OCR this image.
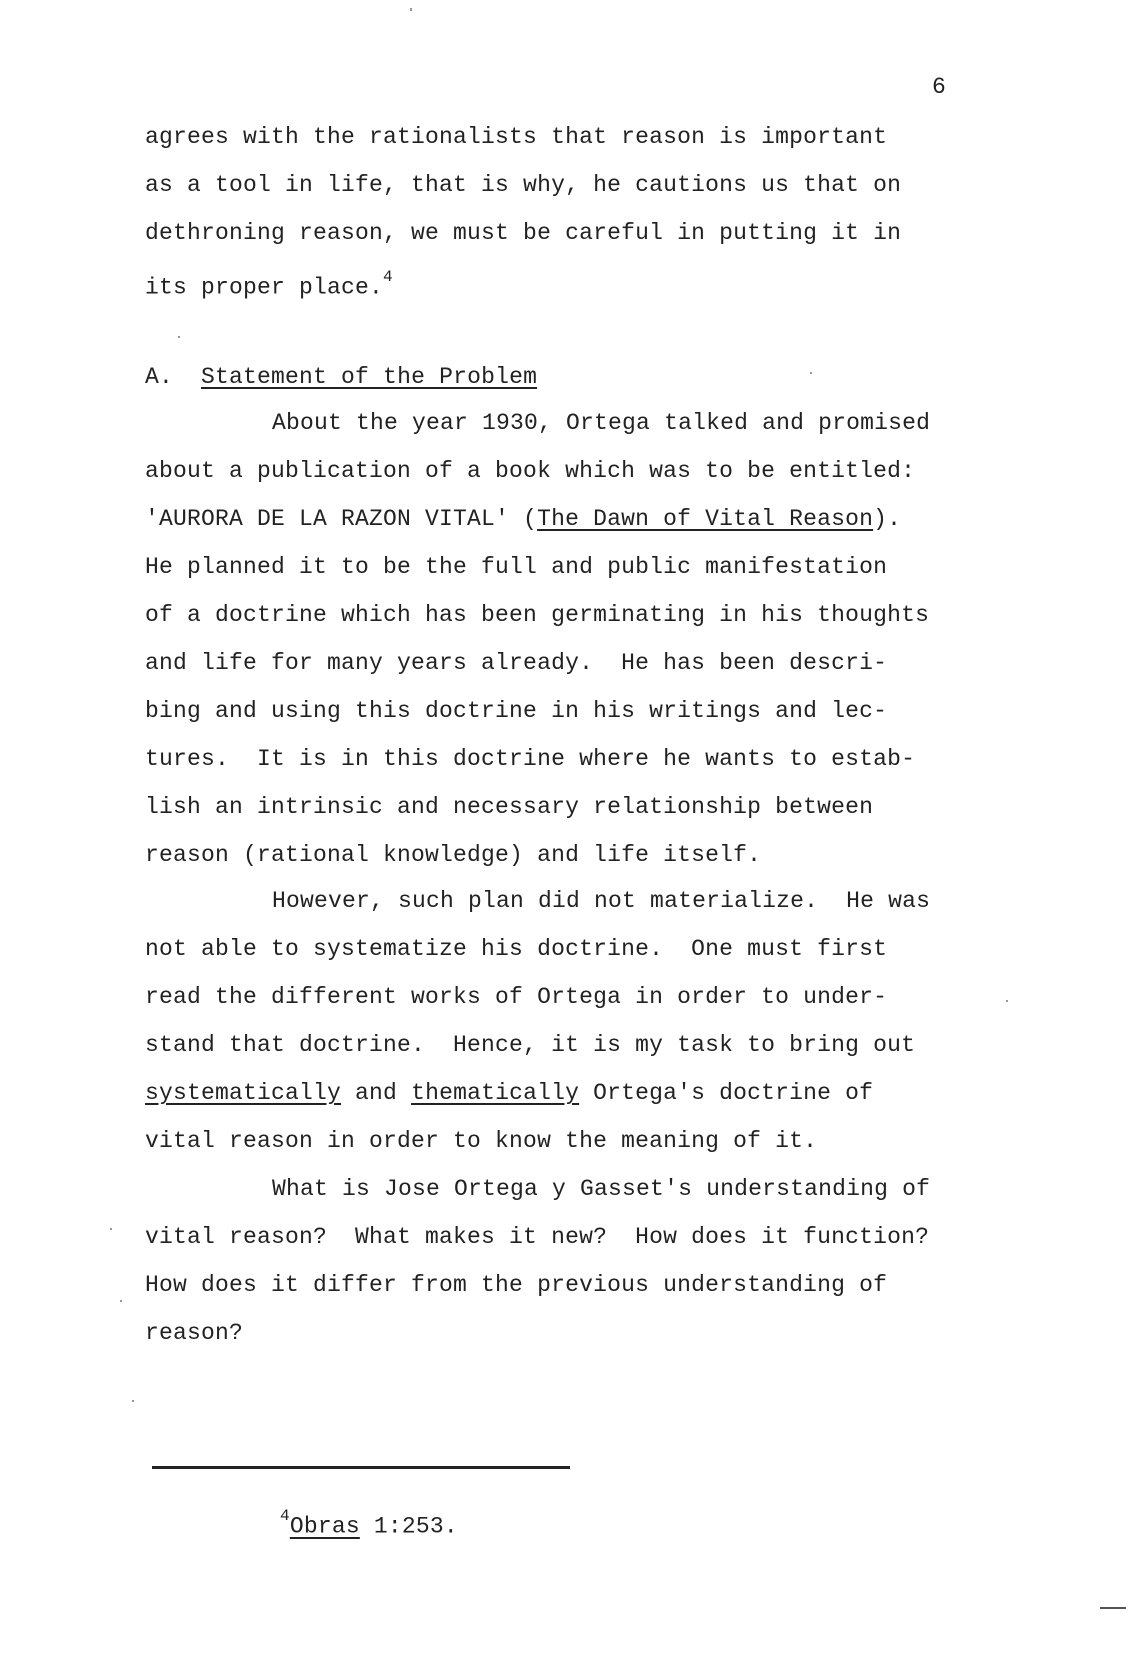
6
agrees with the rationalists that reason is important
as a tool in life, that is why, he cautions us that on
dethroning reason, we must be careful in putting it in
its proper place.$^4$
A. Statement of the Problem
About the year 1930, Ortega talked and promised
about a publication of a book which was to be entitled:
'AURORA DE LA RAZON VITAL' (The Dawn of Vital Reason).
He planned it to be the full and public manifestation
of a doctrine which has been germinating in his thoughts
and life for many years already.  He has been descri-
bing and using this doctrine in his writings and lec-
tures.  It is in this doctrine where he wants to estab-
lish an intrinsic and necessary relationship between
reason (rational knowledge) and life itself.
However, such plan did not materialize.  He was
not able to systematize his doctrine.  One must first
read the different works of Ortega in order to under-
stand that doctrine.  Hence, it is my task to bring out
systematically and thematically Ortega's doctrine of
vital reason in order to know the meaning of it.
What is Jose Ortega y Gasset's understanding of
vital reason?  What makes it new?  How does it function?
How does it differ from the previous understanding of
reason?
$^4$Obras 1:253.
